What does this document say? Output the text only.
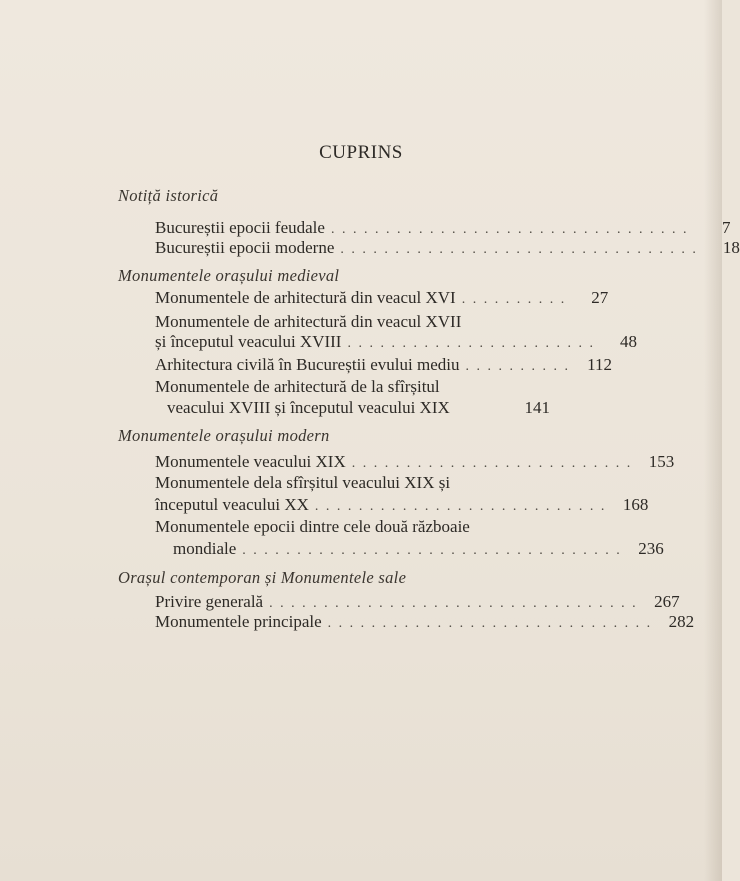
CUPRINS
Notiță istorică
Bucureștii epocii feudale . . . . . . . . . . . . . . . . . . . . . . . . . . . . . . . . .	7
Bucureștii epocii moderne . . . . . . . . . . . . . . . . . . . . . . . . . . . . . . . . .	18
Monumentele orașului medieval
Monumentele de arhitectură din veacul XVI . . . . . . . . . .	27
Monumentele de arhitectură din veacul XVII
și începutul veacului XVIII . . . . . . . . . . . . . . . . . . . . . . .	48
Arhitectura civilă în Bucureștii evului mediu . . . . . . . . . .	112
Monumentele de arhitectură de la sfîrșitul
veacului XVIII și începutul veacului XIX	141
Monumentele orașului modern
Monumentele veacului XIX . . . . . . . . . . . . . . . . . . . . . . . . . . 153
Monumentele dela sfîrșitul veacului XIX și
începutul veacului XX . . . . . . . . . . . . . . . . . . . . . . . . . . . 168
Monumentele epocii dintre cele două războaie
mondiale . . . . . . . . . . . . . . . . . . . . . . . . . . . . . . . . . . . 236
Orașul contemporan și Monumentele sale
Privire generală . . . . . . . . . . . . . . . . . . . . . . . . . . . . . . . . . . 267
Monumentele principale . . . . . . . . . . . . . . . . . . . . . . . . . . . . . . 282
